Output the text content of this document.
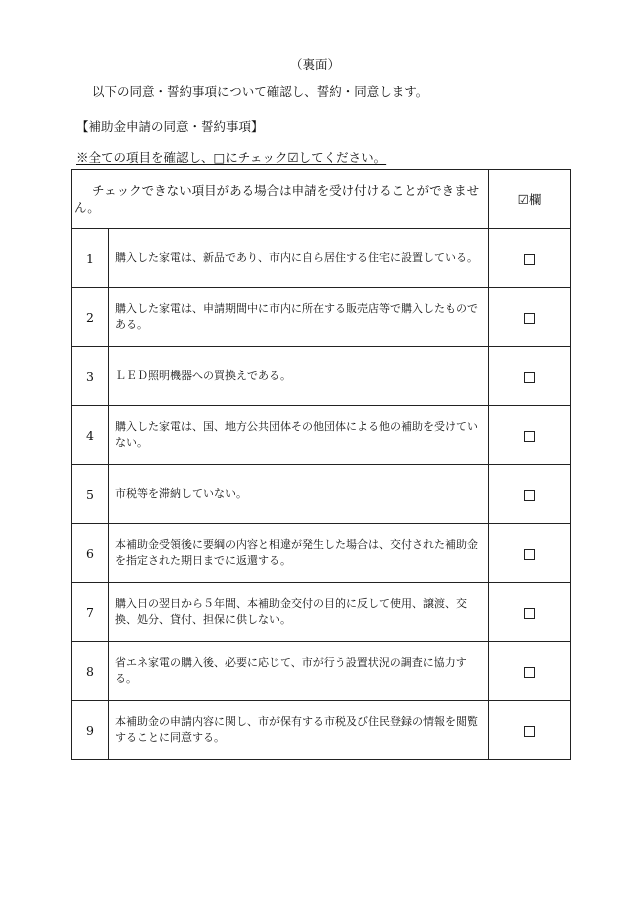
（裏面）
以下の同意・誓約事項について確認し、誓約・同意します。
【補助金申請の同意・誓約事項】
※全ての項目を確認し、□にチェック☑してください。
チェックできない項目がある場合は申請を受け付けることができません。		☑欄
1	購入した家電は、新品であり、市内に自ら居住する住宅に設置している。	

2	購入した家電は、申請期間中に市内に所在する販売店等で購入したものである。	

3	ＬＥＤ照明機器への買換えである。	

4	購入した家電は、国、地方公共団体その他団体による他の補助を受けていない。	

5	市税等を滞納していない。	

6	本補助金受領後に要綱の内容と相違が発生した場合は、交付された補助金を指定された期日までに返還する。	

7	購入日の翌日から５年間、本補助金交付の目的に反して使用、譲渡、交換、処分、貸付、担保に供しない。	

8	省エネ家電の購入後、必要に応じて、市が行う設置状況の調査に協力する。	

9	本補助金の申請内容に関し、市が保有する市税及び住民登録の情報を閲覧することに同意する。	
